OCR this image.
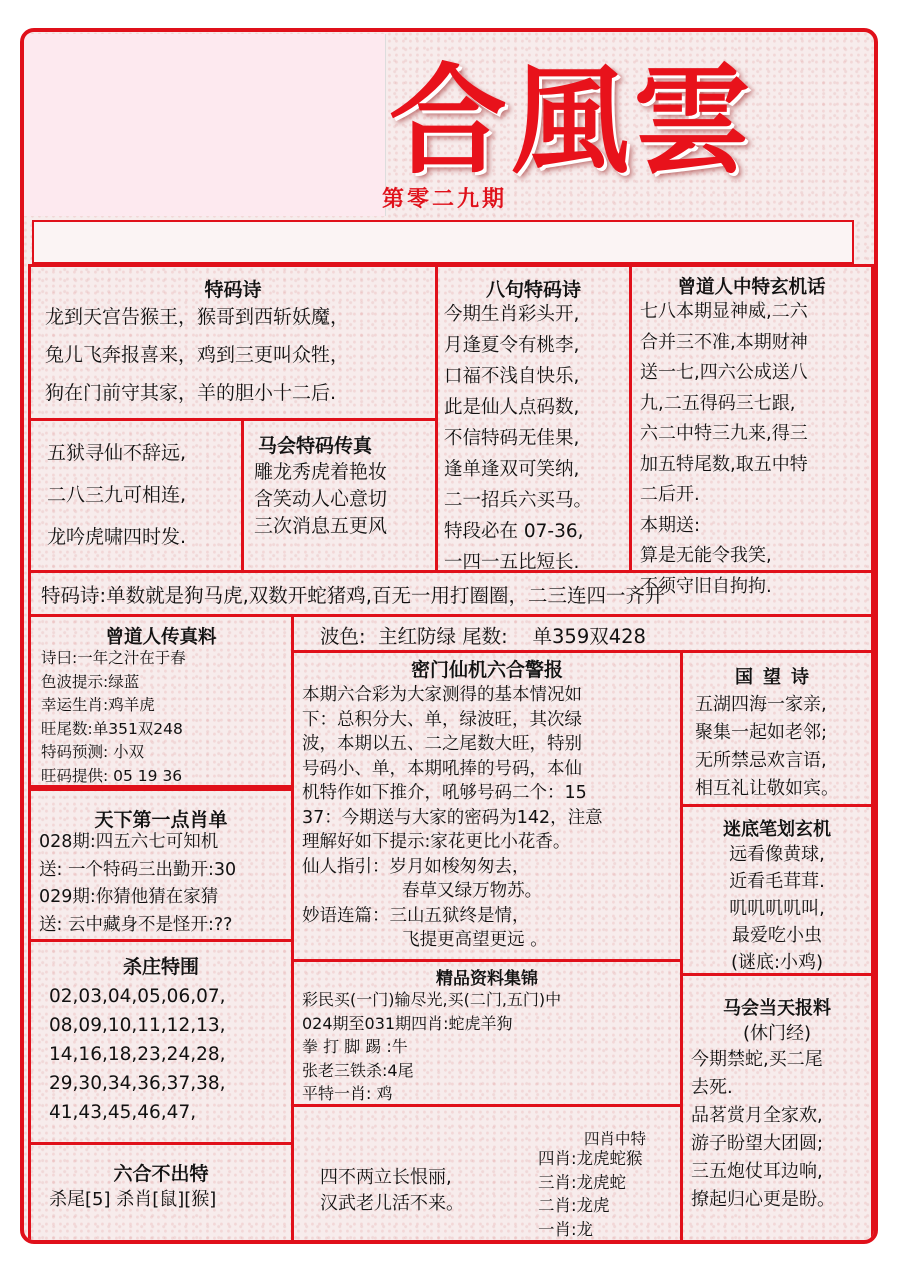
合風雲
第零二九期
特码诗
龙到天宫告猴王，猴哥到西斩妖魔，
兔儿飞奔报喜来，鸡到三更叫众牲，
狗在门前守其家，羊的胆小十二后.
五狱寻仙不辞远,
二八三九可相连,
龙吟虎啸四时发.
马会特码传真
雕龙秀虎着艳妆
含笑动人心意切
三次消息五更风
八句特码诗
今期生肖彩头开,
月逢夏令有桃李,
口福不浅自快乐,
此是仙人点码数,
不信特码无佳果,
逢单逢双可笑纳,
二一招兵六买马。
特段必在 07-36,
一四一五比短长.
曾道人中特玄机话
七八本期显神威,二六
合并三不准,本期财神
送一七,四六公成送八
九,二五得码三七跟,
六二中特三九来,得三
加五特尾数,取五中特
二后开.
本期送:
算是无能令我笑,
不须守旧自拘拘.
特码诗:单数就是狗马虎,双数开蛇猪鸡,百无一用打圈圈，二三连四一齐开
曾道人传真料
诗曰:一年之汁在于春
色波提示:绿蓝
幸运生肖:鸡羊虎
旺尾数:单351双248
特码预测: 小双
旺码提供: 05 19 36
天下第一点肖单
028期:四五六七可知机
送: 一个特码三出勤开:30
029期:你猜他猜在家猜
送: 云中藏身不是怪开:??
杀庄特围
02,03,04,05,06,07,
08,09,10,11,12,13,
14,16,18,23,24,28,
29,30,34,36,37,38,
41,43,45,46,47,
六合不出特
杀尾[5] 杀肖[鼠][猴]
波色:  主红防绿 尾数:    单359双428
密门仙机六合警报
本期六合彩为大家测得的基本情况如
下：总积分大、单，绿波旺，其次绿
波，本期以五、二之尾数大旺，特别
号码小、单，本期吼捧的号码，本仙
机特作如下推介，吼够号码二个：15
37：今期送与大家的密码为142，注意
理解好如下提示:家花更比小花香。
仙人指引：岁月如梭匆匆去，
春草又绿万物苏。
妙语连篇：三山五狱终是情，
飞提更高望更远 。
精品资料集锦
彩民买(一门)输尽光,买(二门,五门)中
024期至031期四肖:蛇虎羊狗
拳 打 脚 踢 :牛
张老三铁杀:4尾
平特一肖: 鸡
四不两立长恨丽,
汉武老儿活不来。
四肖中特
四肖:龙虎蛇猴
三肖:龙虎蛇
二肖:龙虎
一肖:龙
国望诗
五湖四海一家亲,
聚集一起如老邻;
无所禁忌欢言语,
相互礼让敬如宾。
迷底笔划玄机
远看像黄球,
近看毛茸茸.
叽叽叽叽叫,
最爱吃小虫
(谜底:小鸡)
马会当天报料
(休门经)
今期禁蛇,买二尾
去死.
品茗赏月全家欢,
游子盼望大团圆;
三五炮仗耳边响,
撩起归心更是盼。
